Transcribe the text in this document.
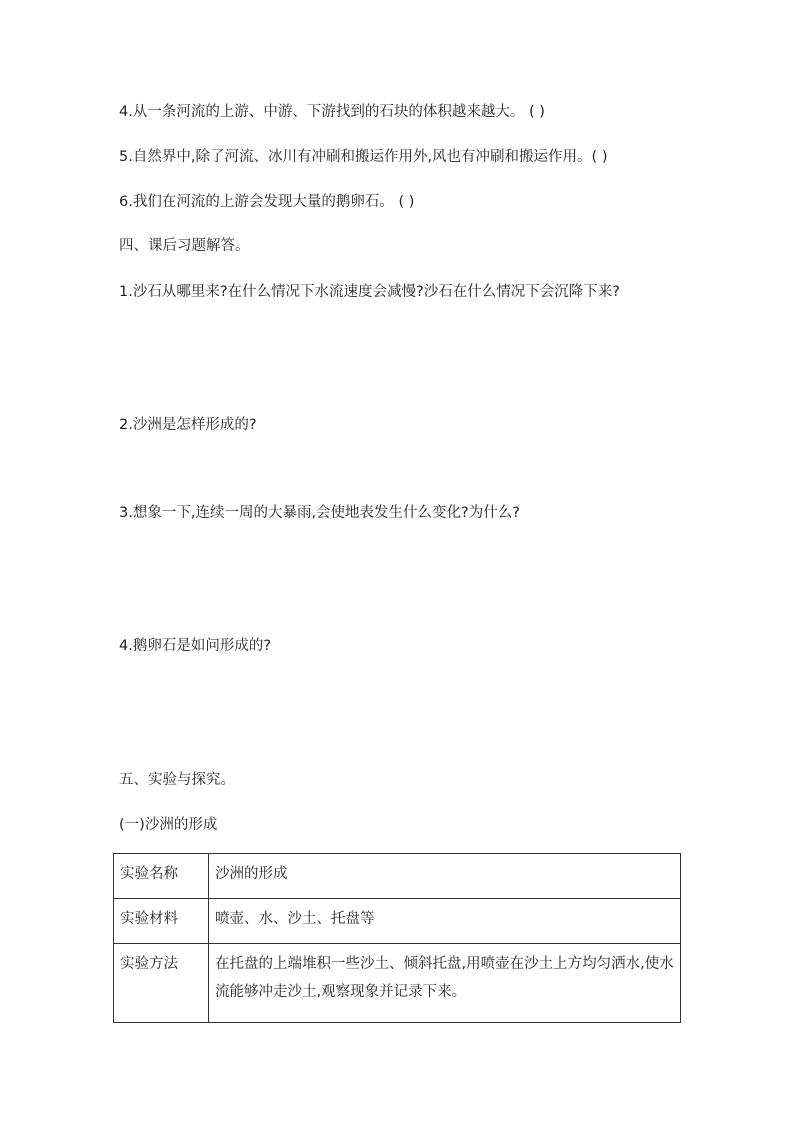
4.从一条河流的上游、中游、下游找到的石块的体积越来越大。 ( )
5.自然界中,除了河流、冰川有冲刷和搬运作用外,风也有冲刷和搬运作用。( )
6.我们在河流的上游会发现大量的鹅卵石。 ( )
四、课后习题解答。
1.沙石从哪里来?在什么情况下水流速度会减慢?沙石在什么情况下会沉降下来?
2.沙洲是怎样形成的?
3.想象一下,连续一周的大暴雨,会使地表发生什么变化?为什么?
4.鹅卵石是如问形成的?
五、实验与探究。
(一)沙洲的形成
实验名称	沙洲的形成
实验材料	喷壶、水、沙土、托盘等
实验方法	在托盘的上端堆积一些沙土、倾斜托盘,用喷壶在沙土上方均匀洒水,使水流能够冲走沙土,观察现象并记录下来。
